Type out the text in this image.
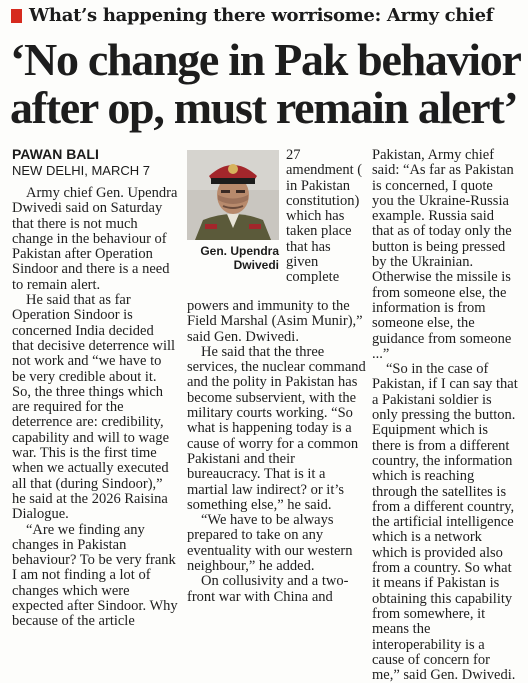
What’s happening there worrisome: Army chief
‘No change in Pak behavior
after op, must remain alert’
PAWAN BALI
NEW DELHI, MARCH 7

Army chief Gen. Upendra Dwivedi said on Saturday that there is not much change in the behaviour of Pakistan after Operation Sindoor and there is a need to remain alert.

He said that as far Operation Sindoor is concerned India decided that decisive deterrence will not work and “we have to be very credible about it. So, the three things which are required for the deterrence are: credibility, capability and will to wage war. This is the first time when we actually executed all that (during Sindoor),” he said at the 2026 Raisina Dialogue.

“Are we finding any changes in Pakistan behaviour? To be very frank I am not finding a lot of changes which were expected after Sindoor. Why because of the article

Gen. Upendra
Dwivedi

27 amendment ( in Pakistan constitution) which has taken place that has given complete

powers and immunity to the Field Marshal (Asim Munir),” said Gen. Dwivedi.

He said that the three services, the nuclear command and the polity in Pakistan has become subservient, with the military courts working. “So what is happening today is a cause of worry for a common Pakistani and their bureaucracy. That is it a martial law indirect? or it’s something else,” he said.

“We have to be always prepared to take on any eventuality with our western neighbour,” he added.

On collusivity and a two-front war with China and

Pakistan, Army chief said: “As far as Pakistan is concerned, I quote you the Ukraine-Russia example. Russia said that as of today only the button is being pressed by the Ukrainian. Otherwise the missile is from someone else, the information is from someone else, the guidance from someone ...”

“So in the case of Pakistan, if I can say that a Pakistani soldier is only pressing the button. Equipment which is there is from a different country, the information which is reaching through the satellites is from a different country, the artificial intelligence which is a network which is provided also from a country. So what it means if Pakistan is obtaining this capability from somewhere, it means the interoperability is a cause of concern for me,” said Gen. Dwivedi.
